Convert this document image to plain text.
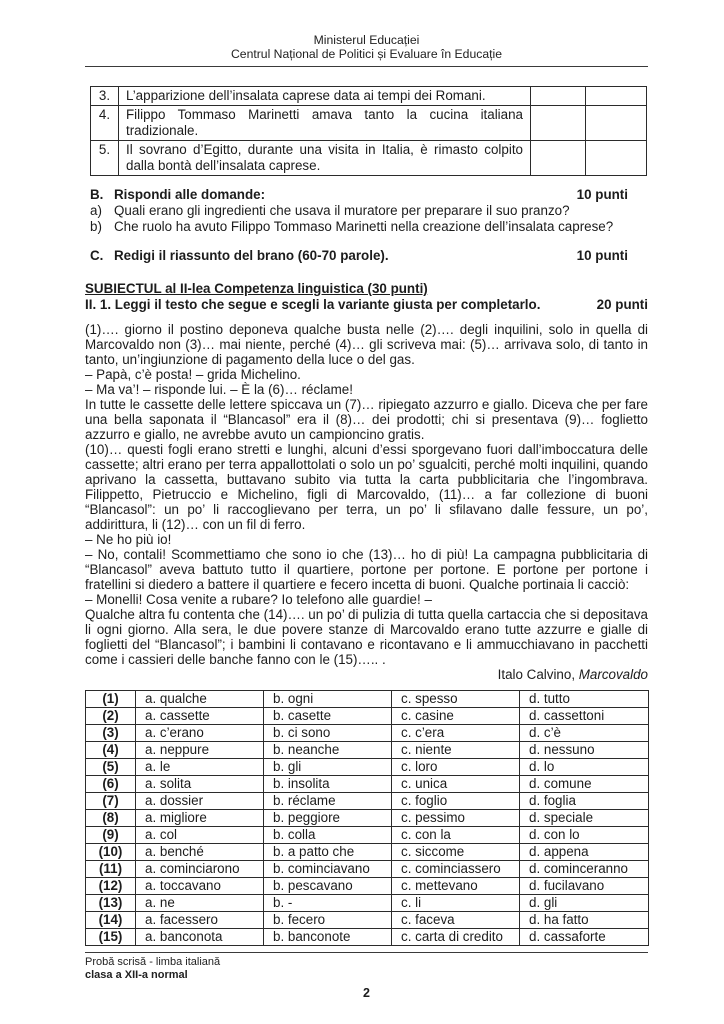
Ministerul Educației
Centrul Național de Politici și Evaluare în Educație
3.	L’apparizione dell’insalata caprese data ai tempi dei Romani.		
4.	Filippo Tommaso Marinetti amava tanto la cucina italiana tradizionale.		
5.	Il sovrano d’Egitto, durante una visita in Italia, è rimasto colpito dalla bontà dell’insalata caprese.		
B. Rispondi alle domande:	10 punti
a) Quali erano gli ingredienti che usava il muratore per preparare il suo pranzo?
b) Che ruolo ha avuto Filippo Tommaso Marinetti nella creazione dell’insalata caprese?
C. Redigi il riassunto del brano (60-70 parole).	10 punti
SUBIECTUL al II-lea Competenza linguistica (30 punti)
II. 1. Leggi il testo che segue e scegli la variante giusta per completarlo.	20 punti

(1)…. giorno il postino deponeva qualche busta nelle (2)…. degli inquilini, solo in quella di Marcovaldo non (3)… mai niente, perché (4)… gli scriveva mai: (5)… arrivava solo, di tanto in tanto, un’ingiunzione di pagamento della luce o del gas.

– Papà, c’è posta! – grida Michelino.

– Ma va’! – risponde lui. – È la (6)… réclame!

In tutte le cassette delle lettere spiccava un (7)… ripiegato azzurro e giallo. Diceva che per fare una bella saponata il “Blancasol” era il (8)… dei prodotti; chi si presentava (9)… foglietto azzurro e giallo, ne avrebbe avuto un campioncino gratis.

(10)… questi fogli erano stretti e lunghi, alcuni d’essi sporgevano fuori dall’imboccatura delle cassette; altri erano per terra appallottolati o solo un po’ sgualciti, perché molti inquilini, quando aprivano la cassetta, buttavano subito via tutta la carta pubblicitaria che l’ingombrava. Filippetto, Pietruccio e Michelino, figli di Marcovaldo, (11)… a far collezione di buoni “Blancasol”: un po’ li raccoglievano per terra, un po’ li sfilavano dalle fessure, un po’, addirittura, li (12)… con un fil di ferro.

– Ne ho più io!

– No, contali! Scommettiamo che sono io che (13)… ho di più! La campagna pubblicitaria di “Blancasol” aveva battuto tutto il quartiere, portone per portone. E portone per portone i fratellini si diedero a battere il quartiere e fecero incetta di buoni. Qualche portinaia li cacciò:

– Monelli! Cosa venite a rubare? Io telefono alle guardie! –

Qualche altra fu contenta che (14)…. un po’ di pulizia di tutta quella cartaccia che si depositava li ogni giorno. Alla sera, le due povere stanze di Marcovaldo erano tutte azzurre e gialle di foglietti del “Blancasol”; i bambini li contavano e ricontavano e li ammucchiavano in pacchetti come i cassieri delle banche fanno con le (15)….. .

Italo Calvino, Marcovaldo
(1)	a. qualche	b. ogni	c. spesso	d. tutto
(2)	a. cassette	b. casette	c. casine	d. cassettoni
(3)	a. c’erano	b. ci sono	c. c’era	d. c’è
(4)	a. neppure	b. neanche	c. niente	d. nessuno
(5)	a. le	b. gli	c. loro	d. lo
(6)	a. solita	b. insolita	c. unica	d. comune
(7)	a. dossier	b. réclame	c. foglio	d. foglia
(8)	a. migliore	b. peggiore	c. pessimo	d. speciale
(9)	a. col	b. colla	c. con la	d. con lo
(10)	a. benché	b. a patto che	c. siccome	d. appena
(11)	a. cominciarono	b. cominciavano	c. cominciassero	d. cominceranno
(12)	a. toccavano	b. pescavano	c. mettevano	d. fucilavano
(13)	a. ne	b. -	c. li	d. gli
(14)	a. facessero	b. fecero	c. faceva	d. ha fatto
(15)	a. banconota	b. banconote	c. carta di credito	d. cassaforte
Probă scrisă - limba italiană
clasa a XII-a normal
2
